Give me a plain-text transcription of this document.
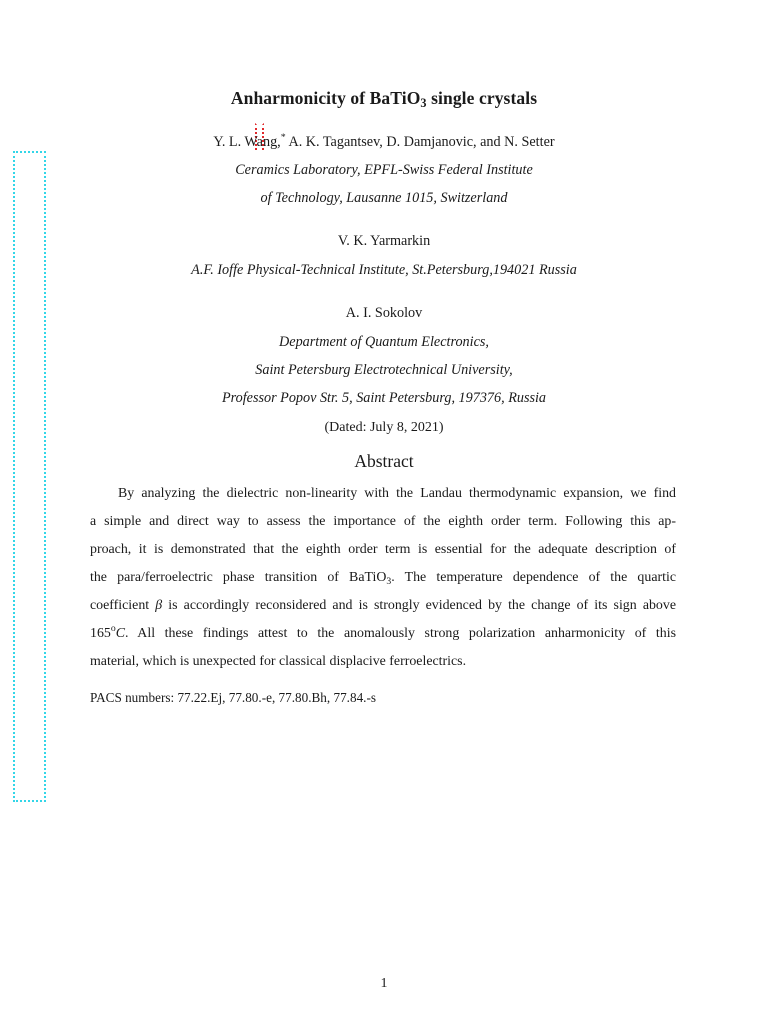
Anharmonicity of BaTiO$_3$ single crystals
Y. L. Wang,* A. K. Tagantsev, D. Damjanovic, and N. Setter
Ceramics Laboratory, EPFL-Swiss Federal Institute
of Technology, Lausanne 1015, Switzerland
V. K. Yarmarkin
A.F. Ioffe Physical-Technical Institute, St.Petersburg,194021 Russia
A. I. Sokolov
Department of Quantum Electronics,
Saint Petersburg Electrotechnical University,
Professor Popov Str. 5, Saint Petersburg, 197376, Russia
(Dated: July 8, 2021)
Abstract
By analyzing the dielectric non-linearity with the Landau thermodynamic expansion, we find
a simple and direct way to assess the importance of the eighth order term. Following this ap-
proach, it is demonstrated that the eighth order term is essential for the adequate description of
the para/ferroelectric phase transition of BaTiO$_3$. The temperature dependence of the quartic
coefficient β is accordingly reconsidered and is strongly evidenced by the change of its sign above
165$^o$C. All these findings attest to the anomalously strong polarization anharmonicity of this
material, which is unexpected for classical displacive ferroelectrics.
PACS numbers: 77.22.Ej, 77.80.-e, 77.80.Bh, 77.84.-s
1
